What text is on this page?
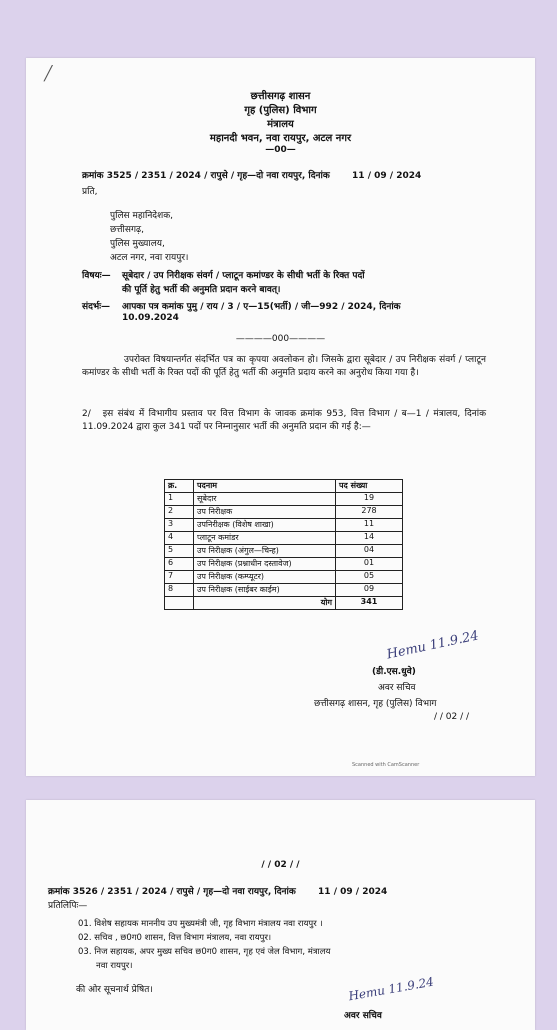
╱
छत्तीसगढ़ शासन
गृह (पुलिस) विभाग
मंत्रालय
महानदी भवन, नवा रायपुर, अटल नगर
—00—
क्रमांक 3525 / 2351 / 2024 / रापुसे / गृह—दो नवा रायपुर, दिनांक 11 / 09 / 2024
प्रति,
पुलिस महानिदेशक,
छत्तीसगढ़,
पुलिस मुख्यालय,
अटल नगर, नवा रायपुर।
विषयः— सूबेदार / उप निरीक्षक संवर्ग / प्लाटून कमांण्डर के सीधी भर्ती के रिक्त पदों
की पूर्ति हेतु भर्ती की अनुमति प्रदान करने बावत्।
संदर्भः— आपका पत्र कमांक पुमु / राय / 3 / ए—15(भर्ती) / जी—992 / 2024, दिनांक
10.09.2024
————000————
उपरोक्त विषयान्तर्गत संदर्भित पत्र का कृपया अवलोकन हो। जिसके द्वारा सूबेदार / उप निरीक्षक संवर्ग / प्लाटून कमांण्डर के सीधी भर्ती के रिक्त पदों की पूर्ति हेतु भर्ती की अनुमति प्रदाय करने का अनुरोध किया गया है।
2/ इस संबंध में विभागीय प्रस्ताव पर वित्त विभाग के जावक क्रमांक 953, वित्त विभाग / ब—1 / मंत्रालय, दिनांक 11.09.2024 द्वारा कुल 341 पदों पर निम्नानुसार भर्ती की अनुमति प्रदान की गई है:—
क्र.	पदनाम	पद संख्या
1	सूबेदार	19
2	उप निरीक्षक	278
3	उपनिरीक्षक (विशेष शाखा)	11
4	प्लाटून कमांडर	14
5	उप निरीक्षक (अंगुल—चिन्ह)	04
6	उप निरीक्षक (प्रश्नाधीन दस्तावेज)	01
7	उप निरीक्षक (कम्प्यूटर)	05
8	उप निरीक्षक (साईबर काईम)	09
	योग	341
Hemu 11.9.24
(डी.एस.धुवे)
अवर सचिव
छत्तीसगढ़ शासन, गृह (पुलिस) विभाग
/ / 02 / /
Scanned with CamScanner
/ / 02 / /
क्रमांक 3526 / 2351 / 2024 / रापुसे / गृह—दो नवा रायपुर, दिनांक 11 / 09 / 2024
प्रतिलिपिः—
01. विशेष सहायक माननीय उप मुख्यमंत्री जी, गृह विभाग मंत्रालय नवा रायपुर ।
02. सचिव , छ0ग0 शासन, वित्त विभाग मंत्रालय, नवा रायपुर।
03. निज सहायक, अपर मुख्य सचिव छ0ग0 शासन, गृह एवं जेल विभाग, मंत्रालय
नवा रायपुर।
की ओर सूचनार्थ प्रेषित।	Hemu 11.9.24
अवर सचिव
